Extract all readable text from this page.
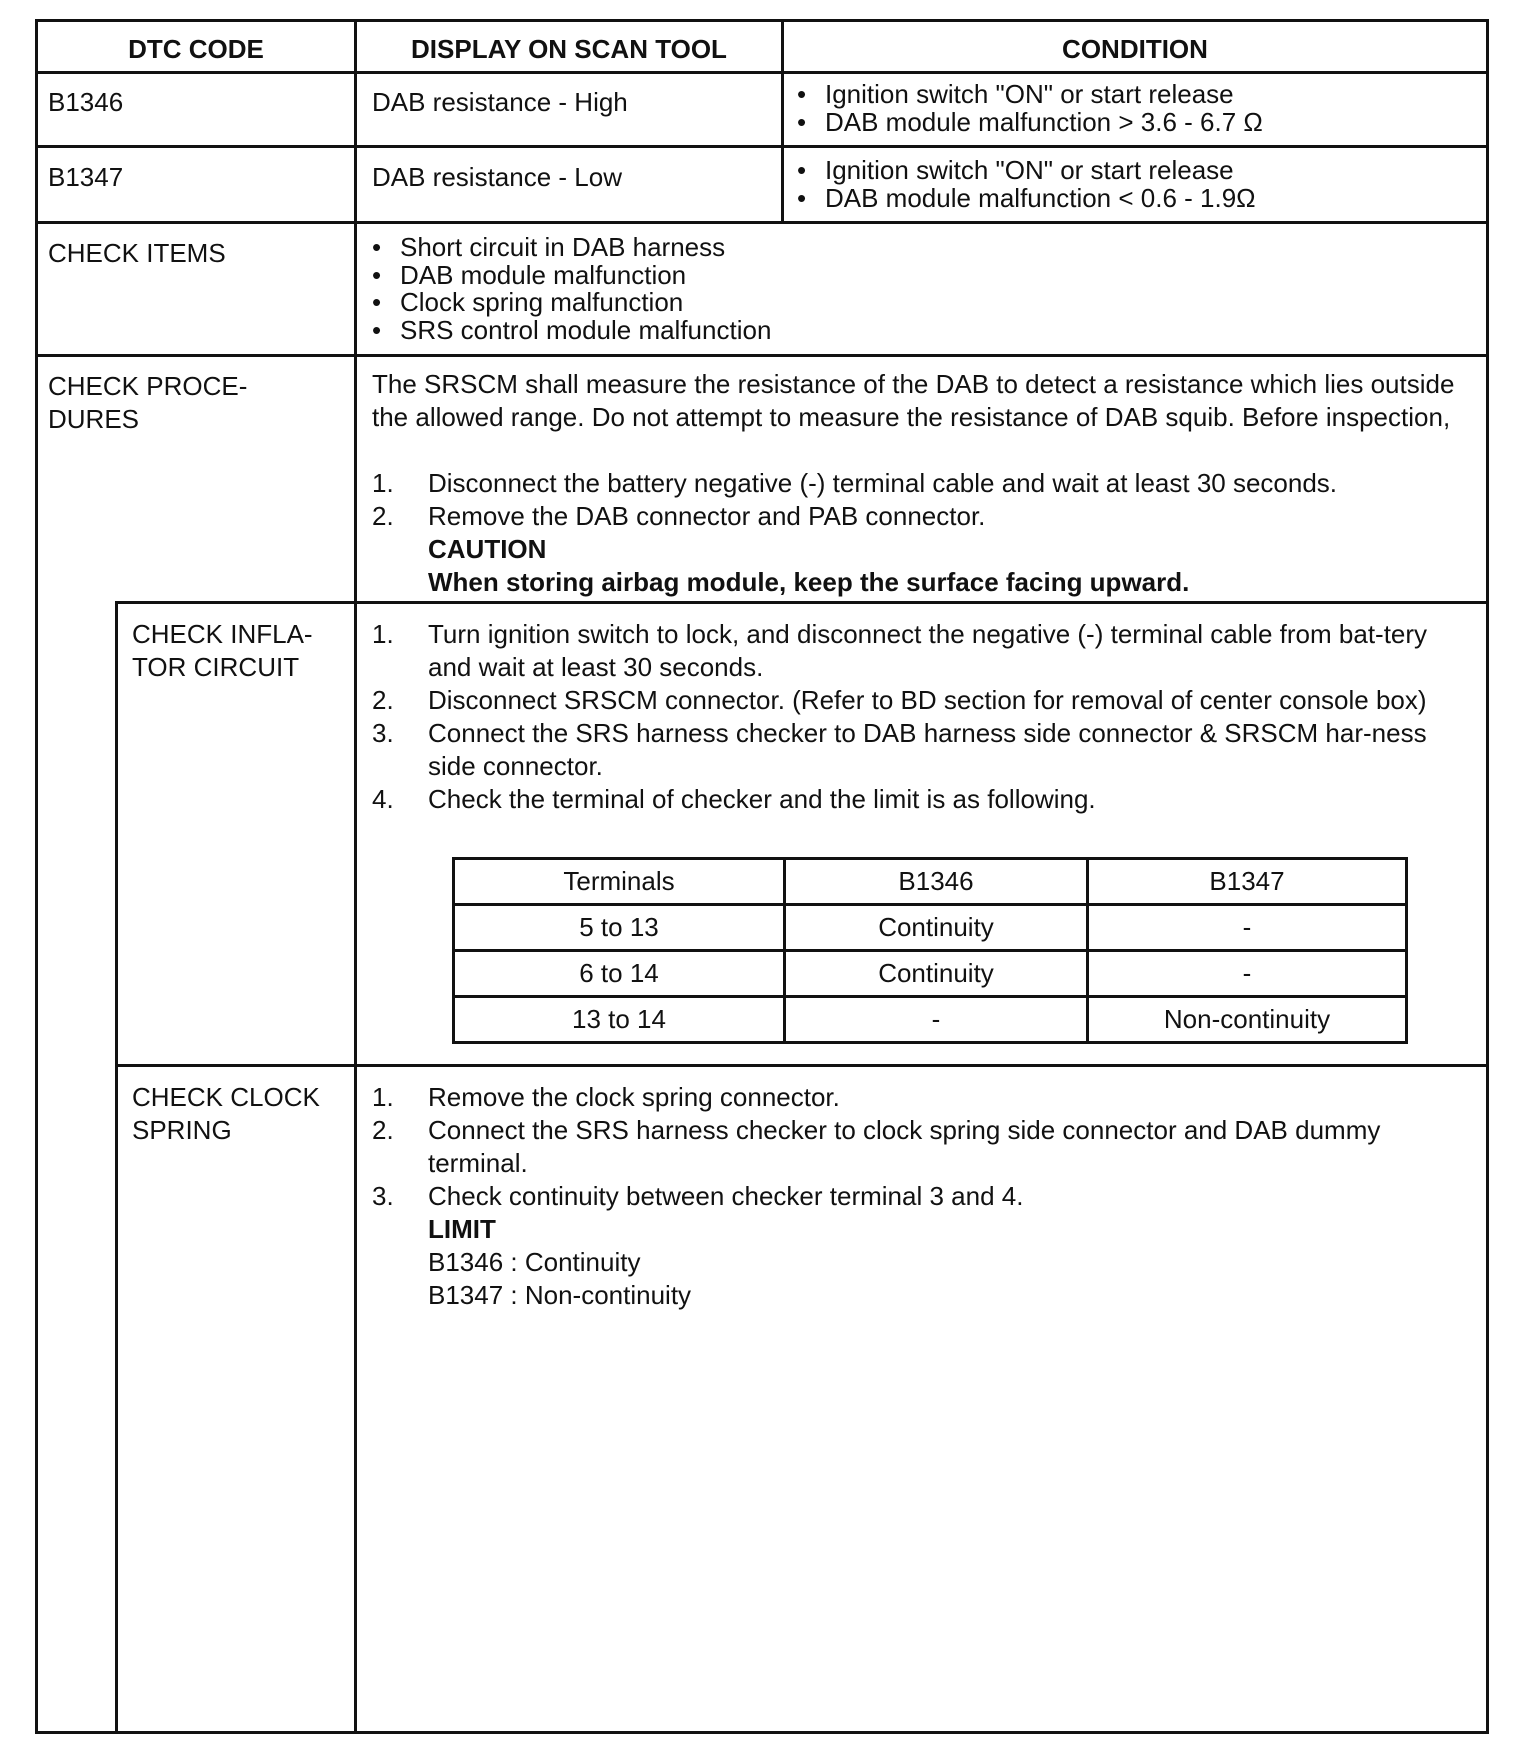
DTC CODE	DISPLAY ON SCAN TOOL	CONDITION
B1346	DAB resistance - High	• Ignition switch "ON" or start release
• DAB module malfunction > 3.6 - 6.7 Ω
B1347	DAB resistance - Low	• Ignition switch "ON" or start release
• DAB module malfunction < 0.6 - 1.9Ω
CHECK ITEMS	• Short circuit in DAB harness
• DAB module malfunction
• Clock spring malfunction
• SRS control module malfunction
CHECK PROCE-
DURES
The SRSCM shall measure the resistance of the DAB to detect a resistance which lies outside the allowed range. Do not attempt to measure the resistance of DAB squib. Before inspection,
1.	Disconnect the battery negative (-) terminal cable and wait at least 30 seconds.
2.	Remove the DAB connector and PAB connector.
CAUTION
When storing airbag module, keep the surface facing upward.
CHECK INFLA-
TOR CIRCUIT
1.	Turn ignition switch to lock, and disconnect the negative (-) terminal cable from bat-tery and wait at least 30 seconds.
2.	Disconnect SRSCM connector. (Refer to BD section for removal of center console box)
3.	Connect the SRS harness checker to DAB harness side connector & SRSCM har-ness side connector.
4.	Check the terminal of checker and the limit is as following.
Terminals	B1346	B1347
5 to 13	Continuity	-
6 to 14	Continuity	-
13 to 14	-	Non-continuity
CHECK CLOCK
SPRING
1.	Remove the clock spring connector.
2.	Connect the SRS harness checker to clock spring side connector and DAB dummy terminal.
3.	Check continuity between checker terminal 3 and 4.
LIMIT
B1346 : Continuity
B1347 : Non-continuity
